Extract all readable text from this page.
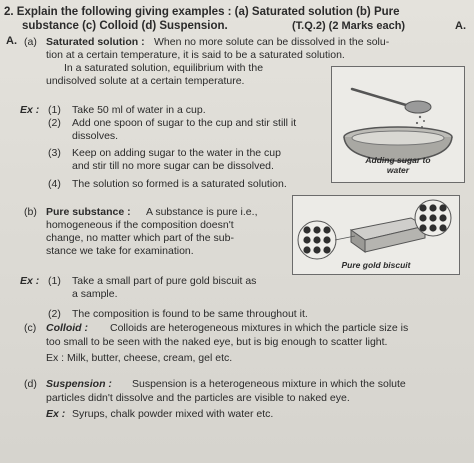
2. Explain the following giving examples : (a) Saturated solution (b) Pure
substance (c) Colloid (d) Suspension.	(T.Q.2) (2 Marks each)	A.
A. (a) Saturated solution : When no more solute can be dissolved in the solu-
tion at a certain temperature, it is said to be a saturated solution.
In a saturated solution, equilibrium with the
undisolved solute at a certain temperature.
Ex : (1) Take 50 ml of water in a cup.
(2) Add one spoon of sugar to the cup and stir still it
dissolves.
(3) Keep on adding sugar to the water in the cup
and stir till no more sugar can be dissolved.
(4) The solution so formed is a saturated solution.
Adding sugar to
water
(b) Pure substance : A substance is pure i.e.,
homogeneous if the composition doesn't
change, no matter which part of the sub-
stance we take for examination.
Ex : (1) Take a small part of pure gold biscuit as
a sample.
(2) The composition is found to be same throughout it.
Pure gold biscuit
(c) Colloid : Colloids are heterogeneous mixtures in which the particle size is
too small to be seen with the naked eye, but is big enough to scatter light.
Ex : Milk, butter, cheese, cream, gel etc.
(d) Suspension : Suspension is a heterogeneous mixture in which the solute
particles didn't dissolve and the particles are visible to naked eye.
Ex : Syrups, chalk powder mixed with water etc.
